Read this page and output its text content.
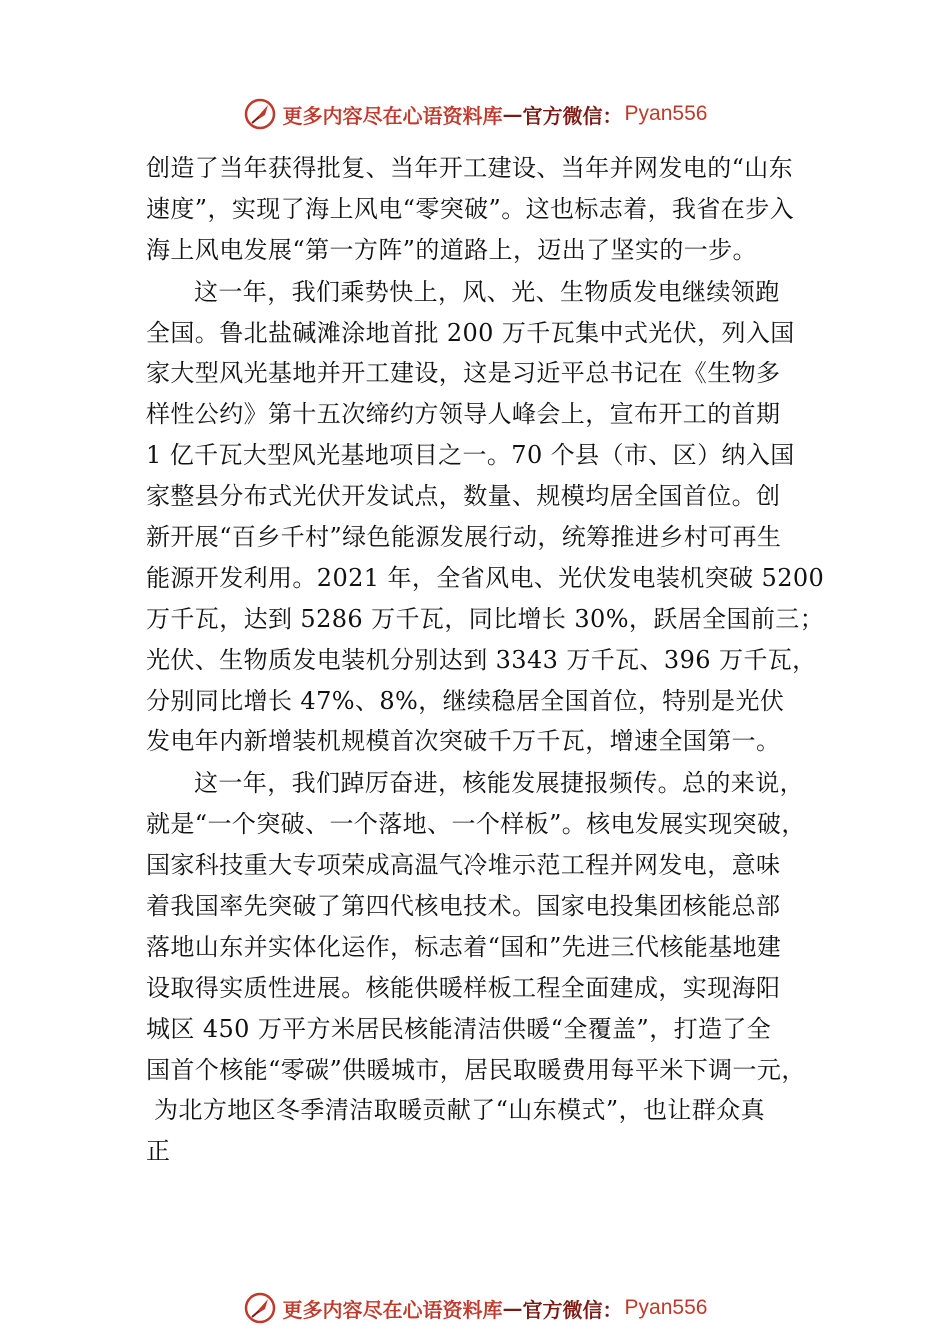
更多内容尽在心语资料库 — 官方微信： Pyan556
创造了当年获得批复、当年开工建设、当年并网发电的“山东
速度”，实现了海上风电“零突破”。这也标志着，我省在步入
海上风电发展“第一方阵”的道路上，迈出了坚实的一步。
这一年，我们乘势快上，风、光、生物质发电继续领跑
全国。鲁北盐碱滩涂地首批 200 万千瓦集中式光伏，列入国
家大型风光基地并开工建设，这是习近平总书记在《生物多
样性公约》第十五次缔约方领导人峰会上，宣布开工的首期
1 亿千瓦大型风光基地项目之一。70 个县（市、区）纳入国
家整县分布式光伏开发试点，数量、规模均居全国首位。创
新开展“百乡千村”绿色能源发展行动，统筹推进乡村可再生
能源开发利用。2021 年，全省风电、光伏发电装机突破 5200
万千瓦，达到 5286 万千瓦，同比增长 30%，跃居全国前三；
光伏、生物质发电装机分别达到 3343 万千瓦、396 万千瓦，
分别同比增长 47%、8%，继续稳居全国首位，特别是光伏
发电年内新增装机规模首次突破千万千瓦，增速全国第一。
这一年，我们踔厉奋进，核能发展捷报频传。总的来说，
就是“一个突破、一个落地、一个样板”。核电发展实现突破，
国家科技重大专项荣成高温气冷堆示范工程并网发电，意味
着我国率先突破了第四代核电技术。国家电投集团核能总部
落地山东并实体化运作，标志着“国和”先进三代核能基地建
设取得实质性进展。核能供暖样板工程全面建成，实现海阳
城区 450 万平方米居民核能清洁供暖“全覆盖”，打造了全
国首个核能“零碳”供暖城市，居民取暖费用每平米下调一元，
为北方地区冬季清洁取暖贡献了“山东模式”，也让群众真
正
更多内容尽在心语资料库 — 官方微信： Pyan556
